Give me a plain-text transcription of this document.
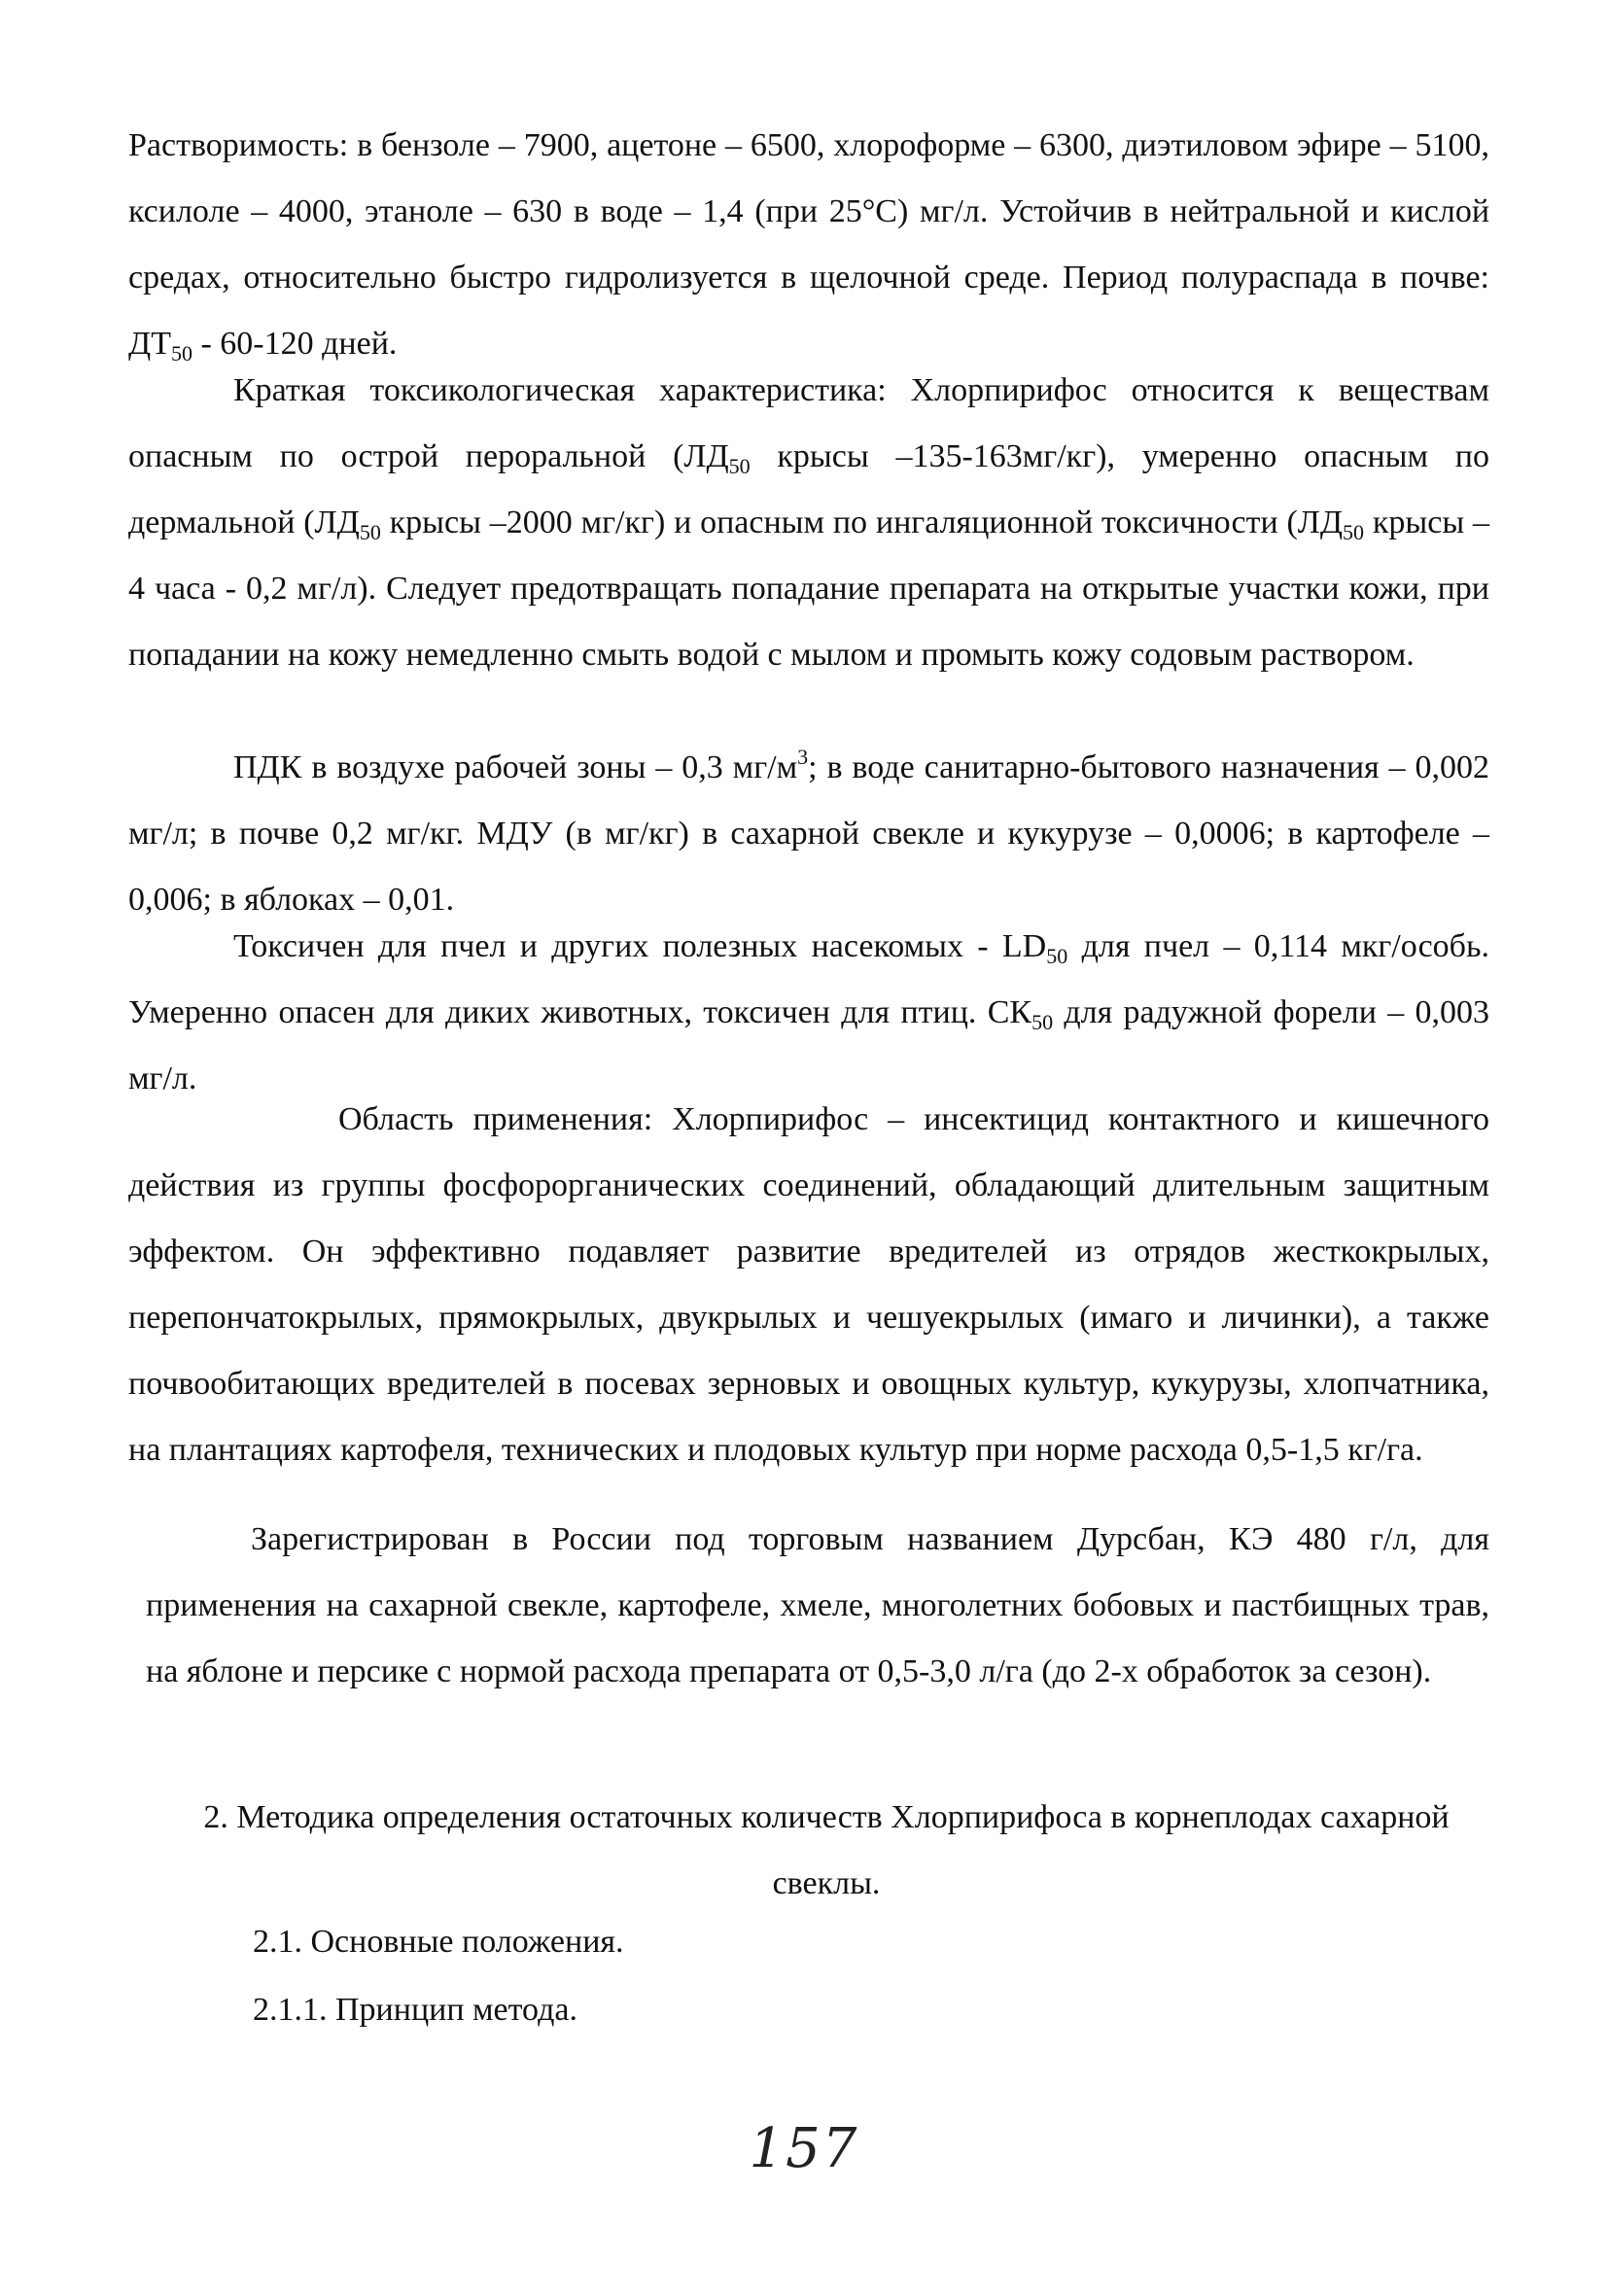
Растворимость: в бензоле – 7900, ацетоне – 6500, хлороформе – 6300, диэтиловом эфире – 5100, ксилоле – 4000, этаноле – 630 в воде – 1,4 (при 25°С) мг/л. Устойчив в нейтральной и кислой средах, относительно быстро гидролизуется в щелочной среде. Период полураспада в почве: $ДТ_{50} - 60-120$ дней.

Краткая токсикологическая характеристика: Хлорпирифос относится к веществам опасным по острой пероральной ($ЛД_{50}$ крысы –135-163мг/кг), умеренно опасным по дермальной ($ЛД_{50}$ крысы –2000 мг/кг) и опасным по ингаляционной токсичности ($ЛД_{50}$ крысы – 4 часа - 0,2 мг/л). Следует предотвращать попадание препарата на открытые участки кожи, при попадании на кожу немедленно смыть водой с мылом и промыть кожу содовым раствором.

ПДК в воздухе рабочей зоны – 0,3 $мг/м^3$; в воде санитарно-бытового назначения – 0,002 мг/л; в почве 0,2 мг/кг. МДУ (в мг/кг) в сахарной свекле и кукурузе – 0,0006; в картофеле – 0,006; в яблоках – 0,01.

Токсичен для пчел и других полезных насекомых - $LD_{50}$ для пчел – 0,114 мкг/особь. Умеренно опасен для диких животных, токсичен для птиц. $СК_{50}$ для радужной форели – 0,003 мг/л.

Область применения: Хлорпирифос – инсектицид контактного и кишечного действия из группы фосфорорганических соединений, обладающий длительным защитным эффектом. Он эффективно подавляет развитие вредителей из отрядов жесткокрылых, перепончатокрылых, прямокрылых, двукрылых и чешуекрылых (имаго и личинки), а также почвообитающих вредителей в посевах зерновых и овощных культур, кукурузы, хлопчатника, на плантациях картофеля, технических и плодовых культур при норме расхода 0,5-1,5 кг/га.

Зарегистрирован в России под торговым названием Дурсбан, КЭ 480 г/л, для применения на сахарной свекле, картофеле, хмеле, многолетних бобовых и пастбищных трав, на яблоне и персике с нормой расхода препарата от 0,5-3,0 л/га (до 2-х обработок за сезон).

2. Методика определения остаточных количеств Хлорпирифоса в корнеплодах сахарной свеклы.

2.1. Основные положения.

2.1.1. Принцип метода.

157
